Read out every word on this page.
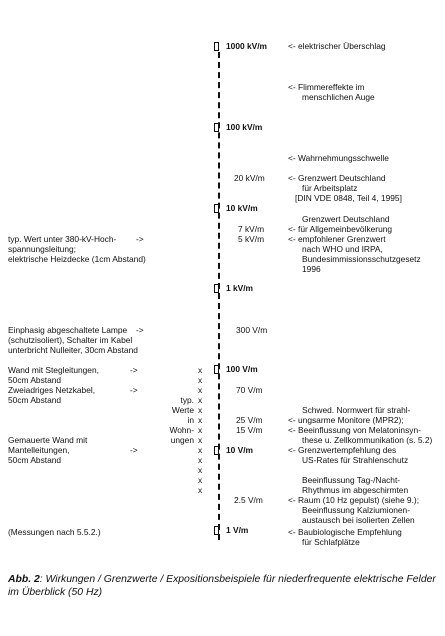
1000 kV/m
100 kV/m
10 kV/m
1 kV/m
100 V/m
10 V/m
1 V/m
20 kV/m
7 kV/m
5 kV/m
300 V/m
70 V/m
25 V/m
15 V/m
2.5 V/m
<- elektrischer Überschlag
<- Flimmereffekte im
menschlichen Auge
<- Wahrnehmungsschwelle
<- Grenzwert Deutschland
für Arbeitsplatz
[DIN VDE 0848, Teil 4, 1995]
Grenzwert Deutschland
<- für Allgemeinbevölkerung
<- empfohlener Grenzwert
nach WHO und IRPA,
Bundesimmissionsschutzgesetz
1996
Schwed. Normwert für strahl-
<- ungsarme Monitore (MPR2);
<- Beeinflussung von Melatoninsyn-
these u. Zellkommunikation (s. 5.2)
<- Grenzwertempfehlung des
US-Rates für Strahlenschutz
Beeinflussung Tag-/Nacht-
Rhythmus im abgeschirmten
<- Raum (10 Hz gepulst) (siehe 9.);
Beeinflussung Kalziumionen-
austausch bei isolierten Zellen
<- Baubiologische Empfehlung
für Schlafplätze
typ. Wert unter 380-kV-Hoch-
spannungsleitung;
elektrische Heizdecke (1cm Abstand)
->
Einphasig abgeschaltete Lampe
(schutzisoliert), Schalter im Kabel
unterbricht Nulleiter, 30cm Abstand
->
Wand mit Stegleitungen,
50cm Abstand
->
Zweiadriges Netzkabel,
50cm Abstand
->
Gemauerte Wand mit
Mantelleitungen,
50cm Abstand
->
(Messungen nach 5.5.2.)
typ.
Werte
in
Wohn-
ungen
x
x
x
x
x
x
x
x
x
x
x
x
x
Abb. 2: Wirkungen / Grenzwerte / Expositionsbeispiele für niederfrequente elektrische Felder im Überblick (50 Hz)
